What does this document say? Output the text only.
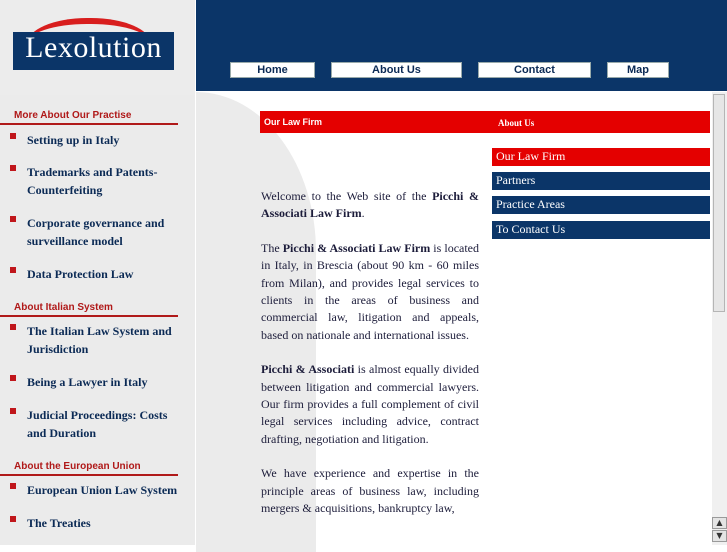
Lexolution
More About Our Practise
Setting up in Italy
Trademarks and Patents-Counterfeiting
Corporate governance and surveillance model
Data Protection Law
About Italian System
The Italian Law System and Jurisdiction
Being a Lawyer in Italy
Judicial Proceedings: Costs and Duration
About the European Union
European Union Law System
The Treaties
Home	About Us	Contact	Map
Our Law Firm	About Us
Our Law Firm
Partners
Practice Areas
To Contact Us

Welcome to the Web site of the Picchi & Associati Law Firm.

The Picchi & Associati Law Firm is located in Italy, in Brescia (about 90 km - 60 miles from Milan), and provides legal services to clients in the areas of business and commercial law, litigation and appeals, based on nationale and international issues.

Picchi & Associati is almost equally divided between litigation and commercial lawyers. Our firm provides a full complement of civil legal services including advice, contract drafting, negotiation and litigation.

We have experience and expertise in the principle areas of business law, including mergers & acquisitions, bankruptcy law,

▲
▼
